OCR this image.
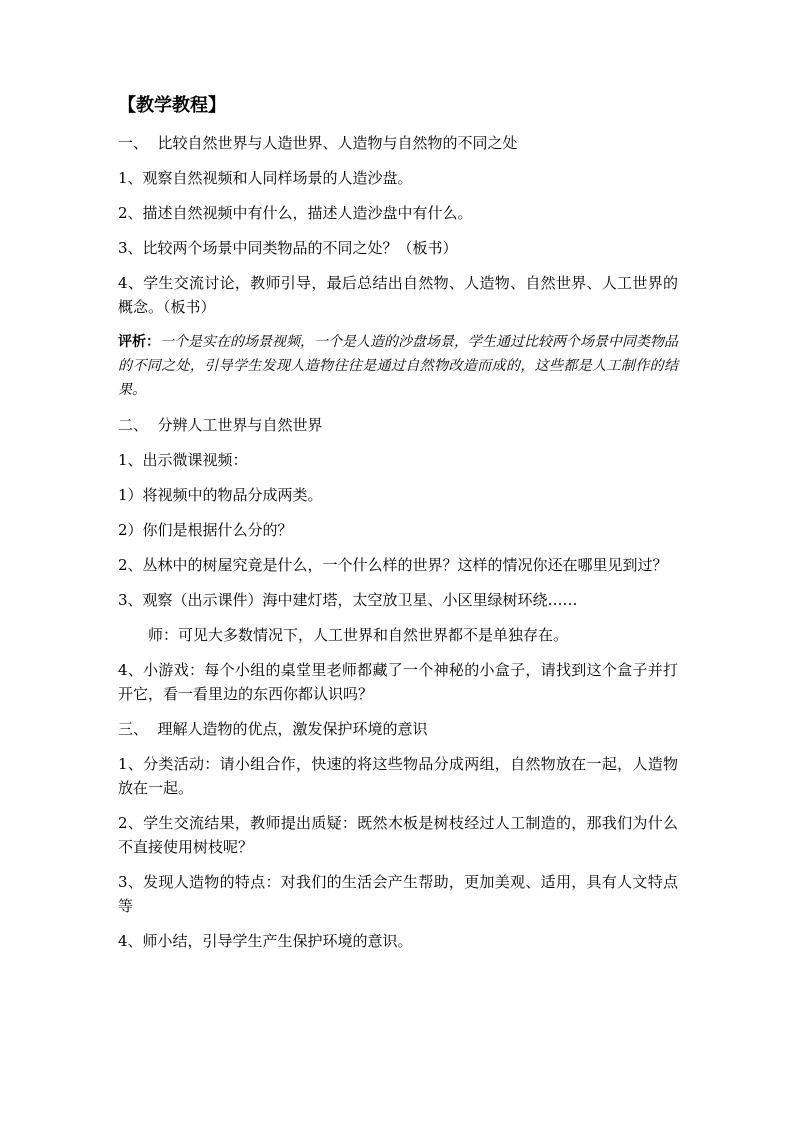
【教学教程】
一、  比较自然世界与人造世界、人造物与自然物的不同之处
1、观察自然视频和人同样场景的人造沙盘。
2、描述自然视频中有什么，描述人造沙盘中有什么。
3、比较两个场景中同类物品的不同之处？（板书）
4、学生交流讨论，教师引导，最后总结出自然物、人造物、自然世界、人工世界的概念。（板书）
评析：一个是实在的场景视频，一个是人造的沙盘场景，学生通过比较两个场景中同类物品的不同之处，引导学生发现人造物往往是通过自然物改造而成的，这些都是人工制作的结果。
二、  分辨人工世界与自然世界
1、出示微课视频：
1）将视频中的物品分成两类。
2）你们是根据什么分的？
2、丛林中的树屋究竟是什么，一个什么样的世界？这样的情况你还在哪里见到过？
3、观察（出示课件）海中建灯塔，太空放卫星、小区里绿树环绕……
师：可见大多数情况下，人工世界和自然世界都不是单独存在。
4、小游戏：每个小组的桌堂里老师都藏了一个神秘的小盒子，请找到这个盒子并打开它，看一看里边的东西你都认识吗？
三、  理解人造物的优点，激发保护环境的意识
1、分类活动：请小组合作，快速的将这些物品分成两组，自然物放在一起，人造物放在一起。
2、学生交流结果，教师提出质疑：既然木板是树枝经过人工制造的，那我们为什么不直接使用树枝呢？
3、发现人造物的特点：对我们的生活会产生帮助，更加美观、适用，具有人文特点等
4、师小结，引导学生产生保护环境的意识。
